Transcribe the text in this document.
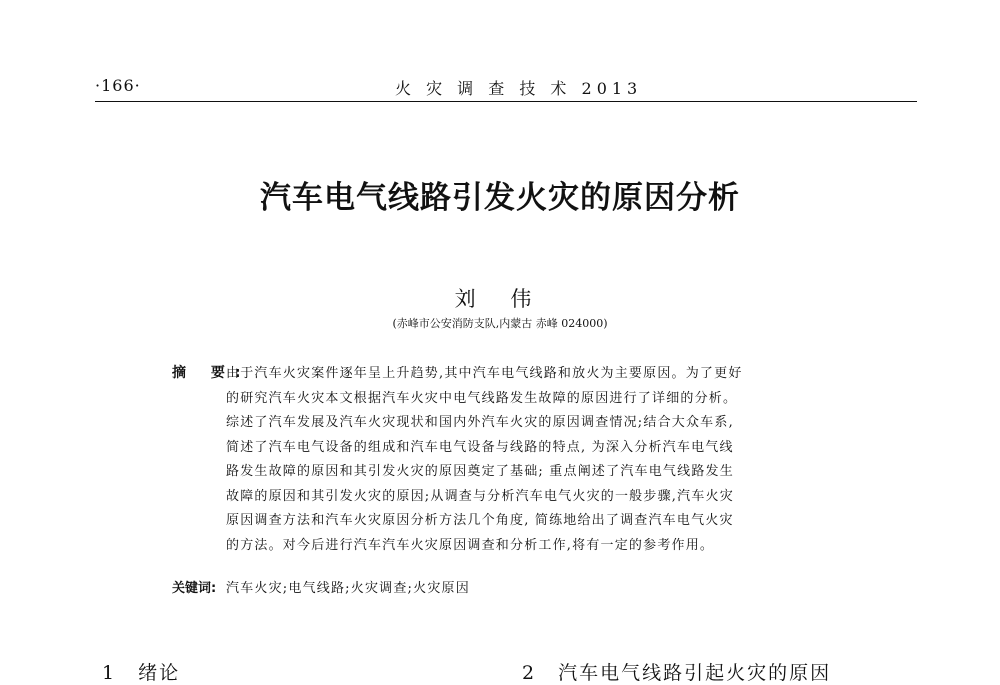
·166·	火 灾 调 查 技 术 2013
汽车电气线路引发火灾的原因分析
刘 伟
(赤峰市公安消防支队,内蒙古 赤峰 024000)
摘 要:
由于汽车火灾案件逐年呈上升趋势,其中汽车电气线路和放火为主要原因。为了更好
的研究汽车火灾本文根据汽车火灾中电气线路发生故障的原因进行了详细的分析。
综述了汽车发展及汽车火灾现状和国内外汽车火灾的原因调查情况;结合大众车系,
简述了汽车电气设备的组成和汽车电气设备与线路的特点, 为深入分析汽车电气线
路发生故障的原因和其引发火灾的原因奠定了基础; 重点阐述了汽车电气线路发生
故障的原因和其引发火灾的原因;从调查与分析汽车电气火灾的一般步骤,汽车火灾
原因调查方法和汽车火灾原因分析方法几个角度, 简练地给出了调查汽车电气火灾
的方法。对今后进行汽车汽车火灾原因调查和分析工作,将有一定的参考作用。
关键词: 汽车火灾;电气线路;火灾调查;火灾原因
1 绪论	2 汽车电气线路引起火灾的原因
